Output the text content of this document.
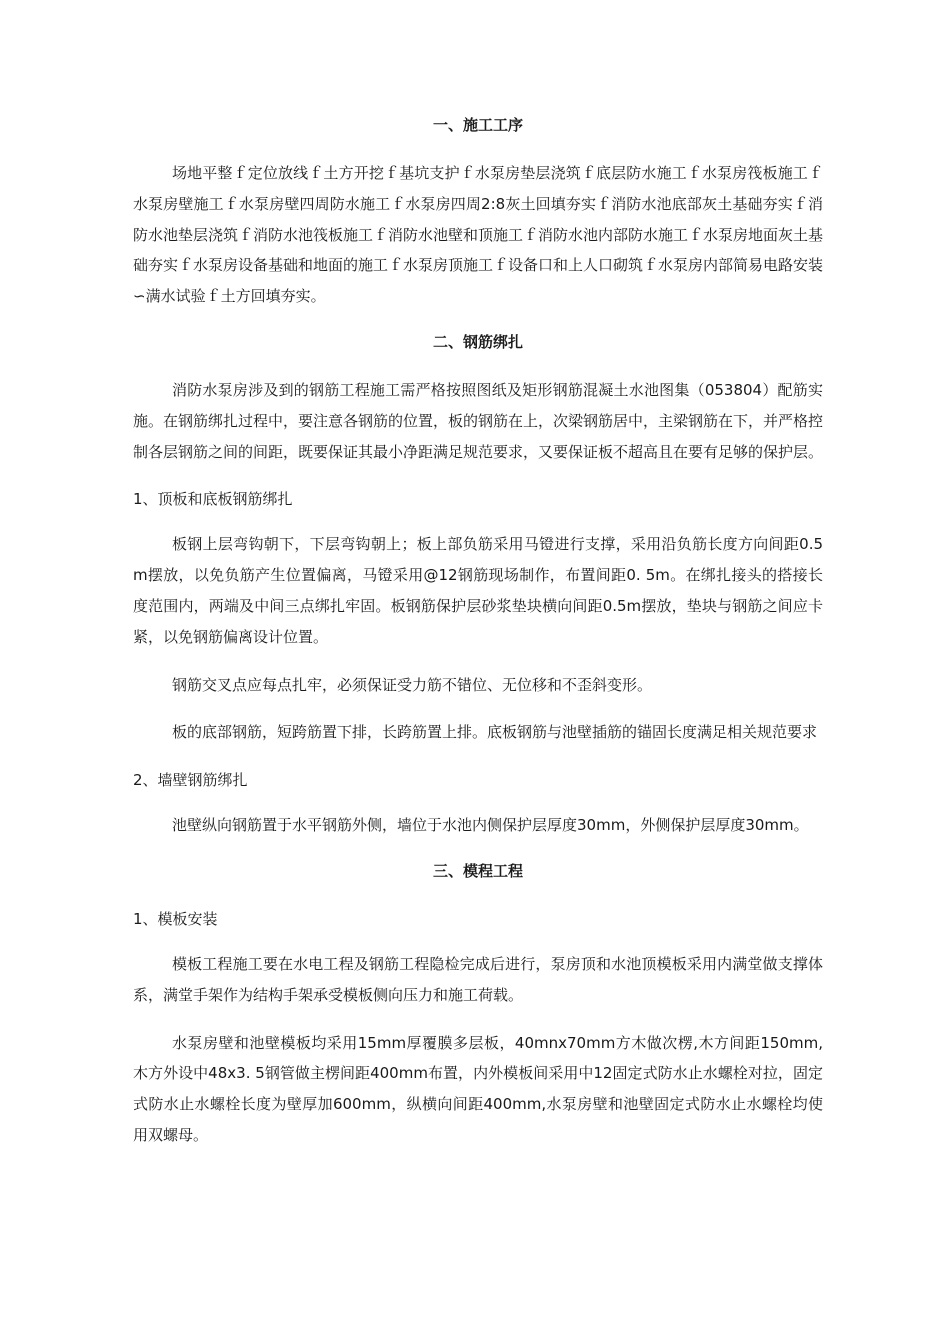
一、施工工序

场地平整ｆ定位放线ｆ土方开挖ｆ基坑支护ｆ水泵房垫层浇筑ｆ底层防水施工ｆ水泵房筏板施工ｆ水泵房壁施工ｆ水泵房壁四周防水施工ｆ水泵房四周2:8灰土回填夯实ｆ消防水池底部灰土基础夯实ｆ消防水池垫层浇筑ｆ消防水池筏板施工ｆ消防水池壁和顶施工ｆ消防水池内部防水施工ｆ水泵房地面灰土基础夯实ｆ水泵房设备基础和地面的施工ｆ水泵房顶施工ｆ设备口和上人口砌筑ｆ水泵房内部简易电路安装∽满水试验ｆ土方回填夯实。

二、钢筋绑扎

消防水泵房涉及到的钢筋工程施工需严格按照图纸及矩形钢筋混凝土水池图集（053804）配筋实施。在钢筋绑扎过程中，要注意各钢筋的位置，板的钢筋在上，次梁钢筋居中，主梁钢筋在下，并严格控制各层钢筋之间的间距，既要保证其最小净距满足规范要求，又要保证板不超高且在要有足够的保护层。

1、顶板和底板钢筋绑扎

板钢上层弯钩朝下，下层弯钩朝上；板上部负筋采用马镫进行支撑，采用沿负筋长度方向间距0.5m摆放，以免负筋产生位置偏离，马镫采用@12钢筋现场制作，布置间距0. 5m。在绑扎接头的搭接长度范围内，两端及中间三点绑扎牢固。板钢筋保护层砂浆垫块横向间距0.5m摆放，垫块与钢筋之间应卡紧，以免钢筋偏离设计位置。

钢筋交叉点应每点扎牢，必须保证受力筋不错位、无位移和不歪斜变形。

板的底部钢筋，短跨筋置下排，长跨筋置上排。底板钢筋与池壁插筋的锚固长度满足相关规范要求

2、墙壁钢筋绑扎

池壁纵向钢筋置于水平钢筋外侧，墙位于水池内侧保护层厚度30mm，外侧保护层厚度30mm。

三、模程工程
1、模板安装

模板工程施工要在水电工程及钢筋工程隐检完成后进行，泵房顶和水池顶模板采用内满堂做支撑体系，满堂手架作为结构手架承受模板侧向压力和施工荷载。

水泵房壁和池壁模板均采用15mm厚覆膜多层板，40mnx70mm方木做次楞,木方间距150mm,木方外设中48x3. 5钢管做主楞间距400mm布置，内外模板间采用中12固定式防水止水螺栓对拉，固定式防水止水螺栓长度为壁厚加600mm，纵横向间距400mm,水泵房壁和池壁固定式防水止水螺栓均使用双螺母。
